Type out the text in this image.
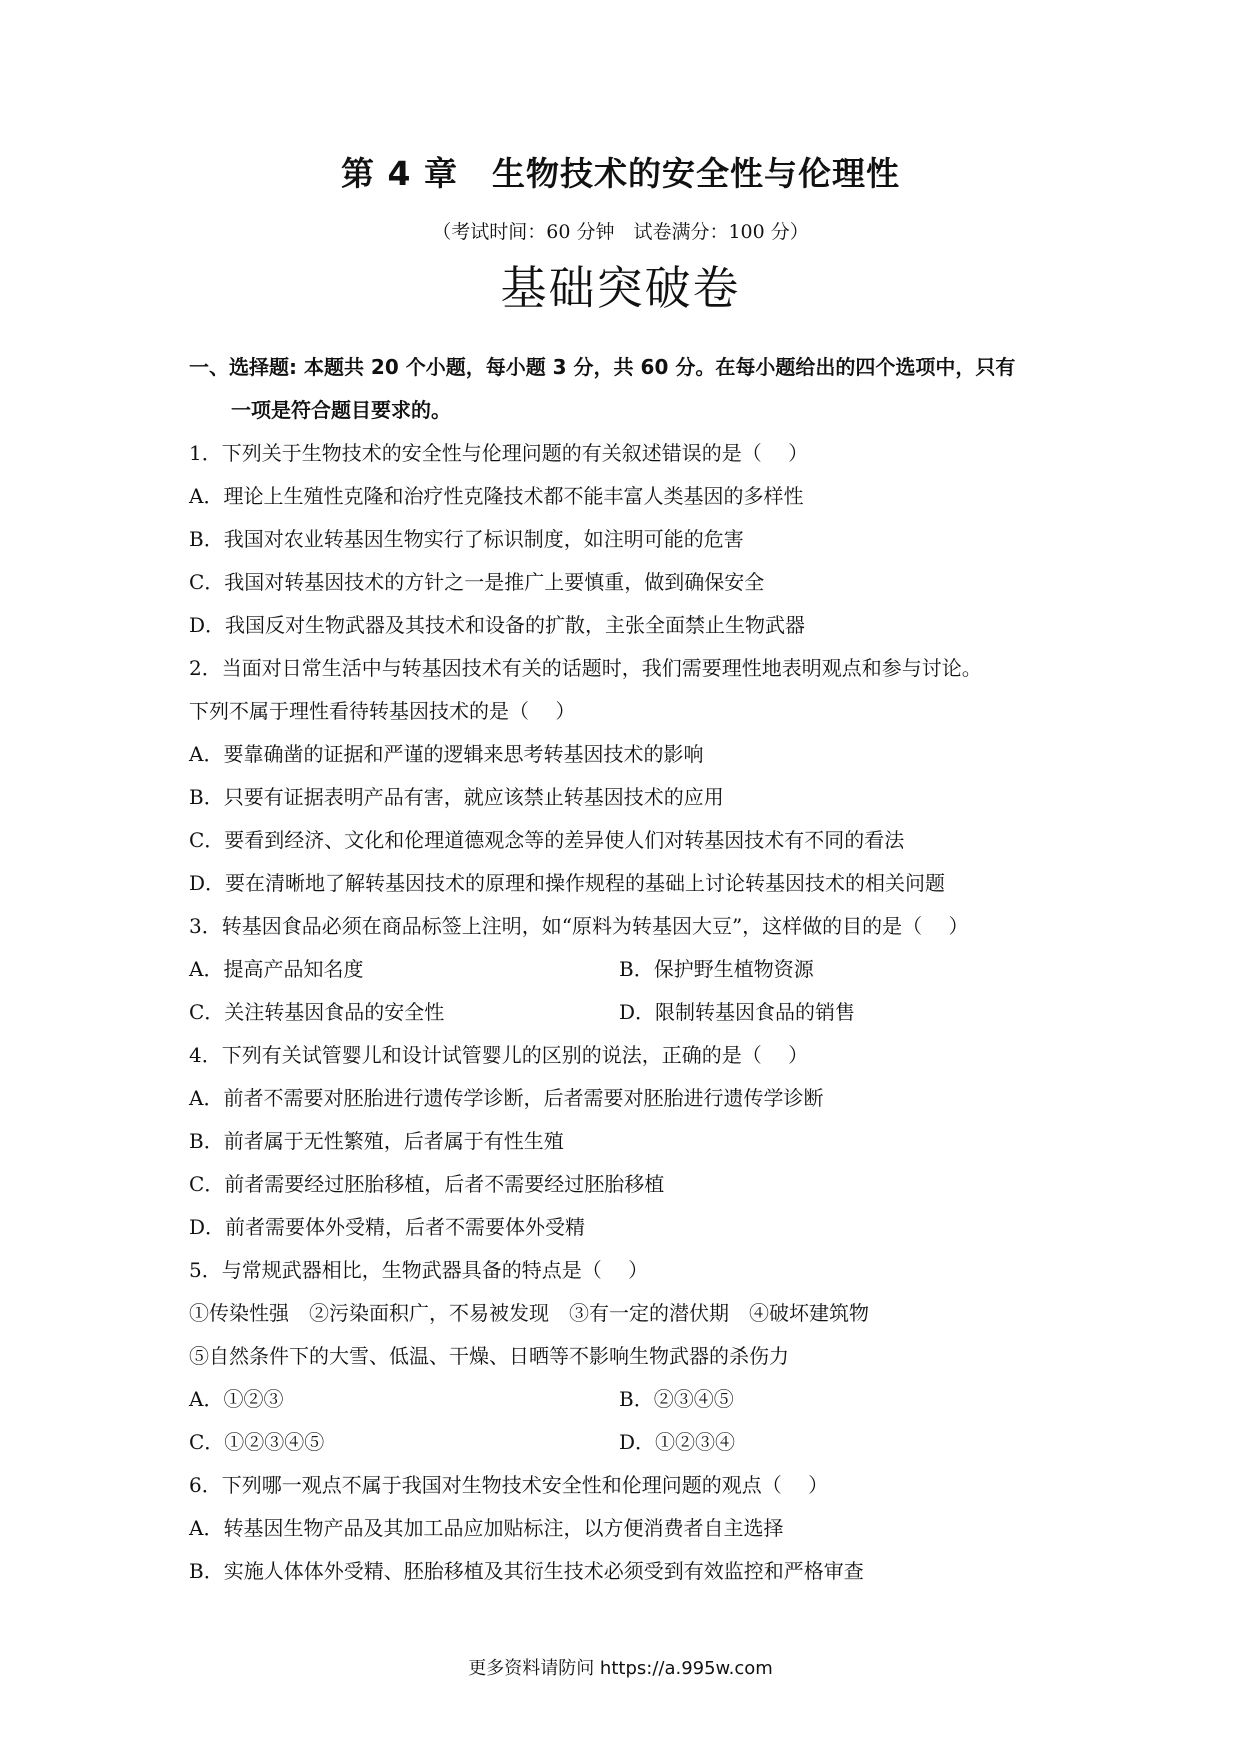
第 4 章　生物技术的安全性与伦理性
（考试时间：60 分钟　试卷满分：100 分）
基础突破卷
一、选择题: 本题共 20 个小题，每小题 3 分，共 60 分。在每小题给出的四个选项中，只有
一项是符合题目要求的。
1．下列关于生物技术的安全性与伦理问题的有关叙述错误的是（　 ）
A．理论上生殖性克隆和治疗性克隆技术都不能丰富人类基因的多样性
B．我国对农业转基因生物实行了标识制度，如注明可能的危害
C．我国对转基因技术的方针之一是推广上要慎重，做到确保安全
D．我国反对生物武器及其技术和设备的扩散，主张全面禁止生物武器
2．当面对日常生活中与转基因技术有关的话题时，我们需要理性地表明观点和参与讨论。
下列不属于理性看待转基因技术的是（　 ）
A．要靠确凿的证据和严谨的逻辑来思考转基因技术的影响
B．只要有证据表明产品有害，就应该禁止转基因技术的应用
C．要看到经济、文化和伦理道德观念等的差异使人们对转基因技术有不同的看法
D．要在清晰地了解转基因技术的原理和操作规程的基础上讨论转基因技术的相关问题
3．转基因食品必须在商品标签上注明，如“原料为转基因大豆”，这样做的目的是（　 ）
A．提高产品知名度	B．保护野生植物资源
C．关注转基因食品的安全性	D．限制转基因食品的销售
4．下列有关试管婴儿和设计试管婴儿的区别的说法，正确的是（　 ）
A．前者不需要对胚胎进行遗传学诊断，后者需要对胚胎进行遗传学诊断
B．前者属于无性繁殖，后者属于有性生殖
C．前者需要经过胚胎移植，后者不需要经过胚胎移植
D．前者需要体外受精，后者不需要体外受精
5．与常规武器相比，生物武器具备的特点是（　 ）
①传染性强　②污染面积广，不易被发现　③有一定的潜伏期　④破坏建筑物
⑤自然条件下的大雪、低温、干燥、日晒等不影响生物武器的杀伤力
A．①②③	B．②③④⑤
C．①②③④⑤	D．①②③④
6．下列哪一观点不属于我国对生物技术安全性和伦理问题的观点（　 ）
A．转基因生物产品及其加工品应加贴标注，以方便消费者自主选择
B．实施人体体外受精、胚胎移植及其衍生技术必须受到有效监控和严格审查
更多资料请防问 https://a.995w.com
